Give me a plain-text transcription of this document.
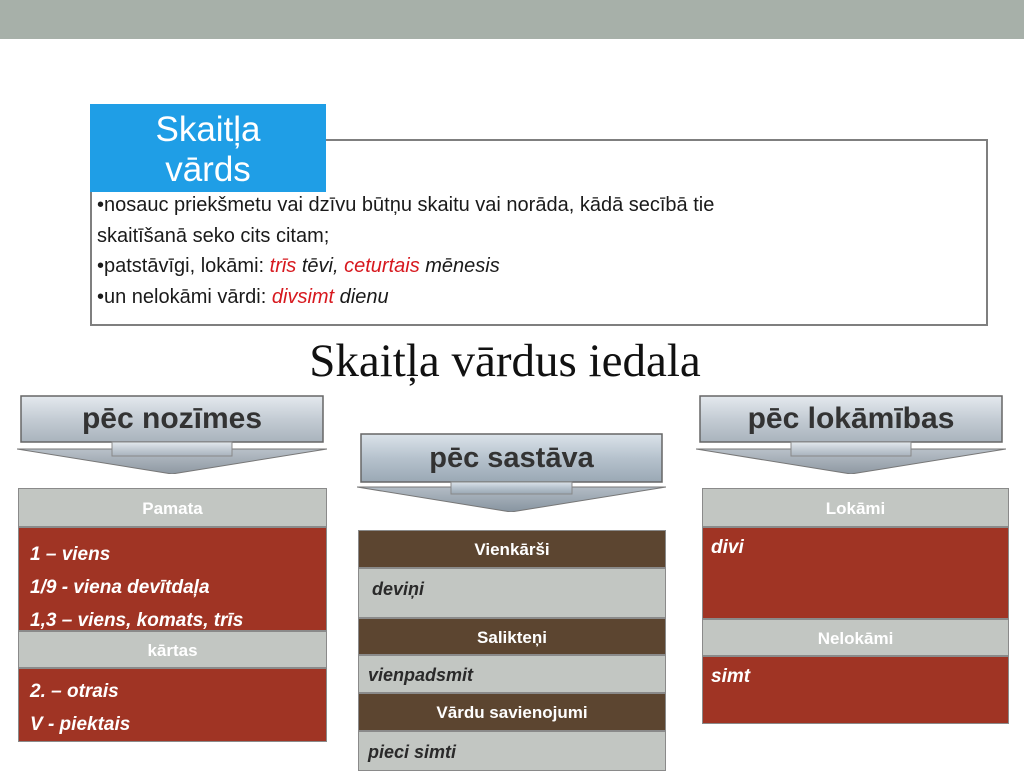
•nosauc priekšmetu vai dzīvu būtņu skaitu vai norāda, kādā secībā tie
skaitīšanā seko cits citam;
•patstāvīgi, lokāmi: trīs tēvi, ceturtais mēnesis
•un nelokāmi vārdi: divsimt dienu
Skaitļa
vārds
Skaitļa vārdus iedala
pēc nozīmes
pēc sastāva
pēc lokāmības
Pamata
1 – viens
1/9 - viena devītdaļa
1,3 – viens, komats, trīs
kārtas
2. – otrais
V - piektais
Vienkārši
deviņi
Salikteņi
vienpadsmit
Vārdu savienojumi
pieci simti
Lokāmi
divi
Nelokāmi
simt
